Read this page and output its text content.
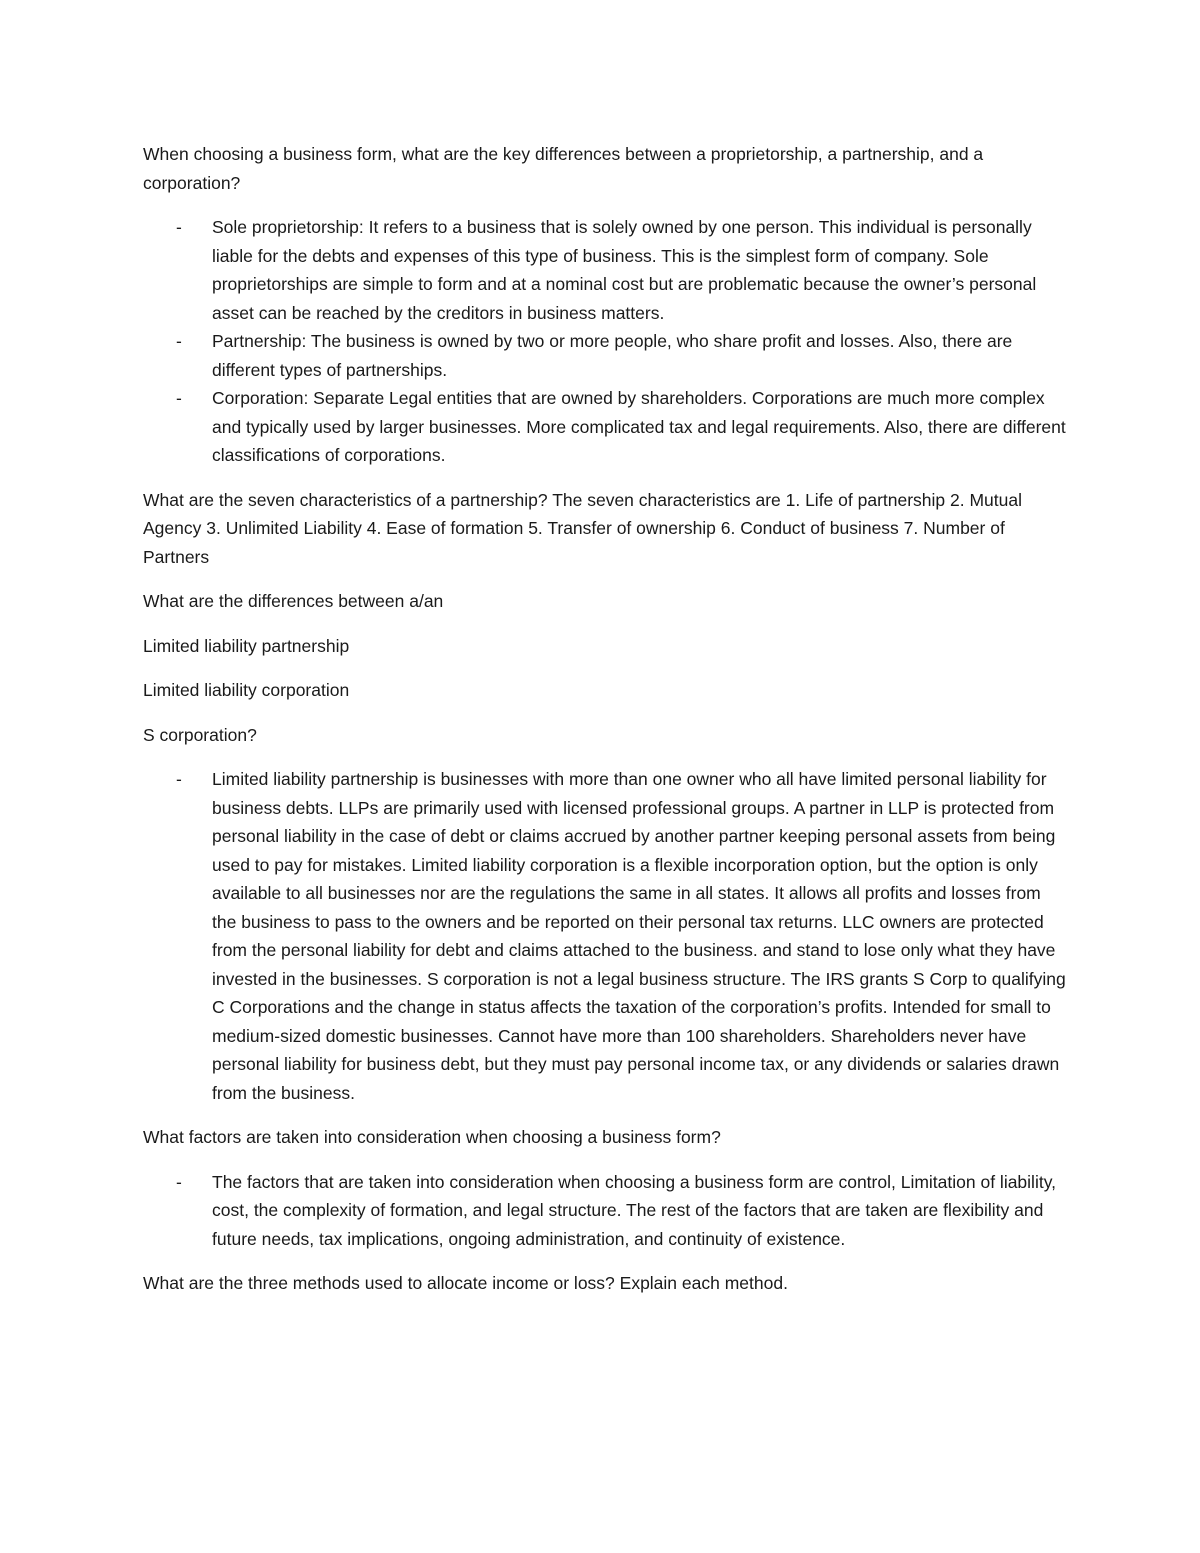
When choosing a business form, what are the key differences between a proprietorship, a partnership, and a corporation?

- Sole proprietorship: It refers to a business that is solely owned by one person. This individual is personally liable for the debts and expenses of this type of business. This is the simplest form of company. Sole proprietorships are simple to form and at a nominal cost but are problematic because the owner’s personal asset can be reached by the creditors in business matters.
- Partnership: The business is owned by two or more people, who share profit and losses. Also, there are different types of partnerships.
- Corporation: Separate Legal entities that are owned by shareholders. Corporations are much more complex and typically used by larger businesses. More complicated tax and legal requirements. Also, there are different classifications of corporations.

What are the seven characteristics of a partnership? The seven characteristics are 1. Life of partnership 2. Mutual Agency 3. Unlimited Liability 4. Ease of formation 5. Transfer of ownership 6. Conduct of business 7. Number of Partners

What are the differences between a/an

Limited liability partnership

Limited liability corporation

S corporation?

- Limited liability partnership is businesses with more than one owner who all have limited personal liability for business debts. LLPs are primarily used with licensed professional groups. A partner in LLP is protected from personal liability in the case of debt or claims accrued by another partner keeping personal assets from being used to pay for mistakes. Limited liability corporation is a flexible incorporation option, but the option is only available to all businesses nor are the regulations the same in all states. It allows all profits and losses from the business to pass to the owners and be reported on their personal tax returns. LLC owners are protected from the personal liability for debt and claims attached to the business. and stand to lose only what they have invested in the businesses. S corporation is not a legal business structure. The IRS grants S Corp to qualifying C Corporations and the change in status affects the taxation of the corporation’s profits. Intended for small to medium-sized domestic businesses. Cannot have more than 100 shareholders. Shareholders never have personal liability for business debt, but they must pay personal income tax, or any dividends or salaries drawn from the business.

What factors are taken into consideration when choosing a business form?

- The factors that are taken into consideration when choosing a business form are control, Limitation of liability, cost, the complexity of formation, and legal structure. The rest of the factors that are taken are flexibility and future needs, tax implications, ongoing administration, and continuity of existence.

What are the three methods used to allocate income or loss? Explain each method.
